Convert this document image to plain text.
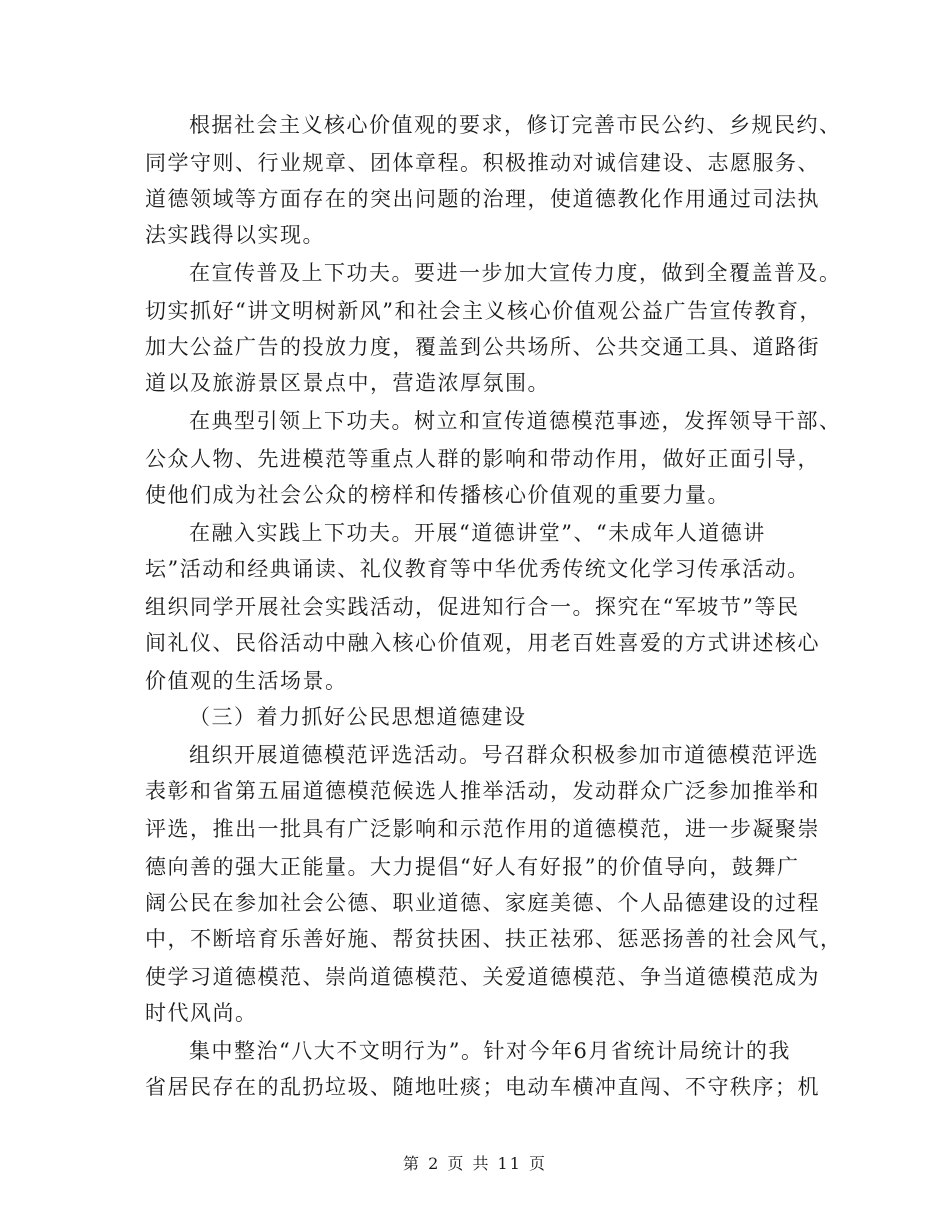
根据社会主义核心价值观的要求，修订完善市民公约、乡规民约、
同学守则、行业规章、团体章程。积极推动对诚信建设、志愿服务、
道德领域等方面存在的突出问题的治理，使道德教化作用通过司法执
法实践得以实现。
在宣传普及上下功夫。要进一步加大宣传力度，做到全覆盖普及。
切实抓好“讲文明树新风”和社会主义核心价值观公益广告宣传教育，
加大公益广告的投放力度，覆盖到公共场所、公共交通工具、道路街
道以及旅游景区景点中，营造浓厚氛围。
在典型引领上下功夫。树立和宣传道德模范事迹，发挥领导干部、
公众人物、先进模范等重点人群的影响和带动作用，做好正面引导，
使他们成为社会公众的榜样和传播核心价值观的重要力量。
在融入实践上下功夫。开展“道德讲堂”、“未成年人道德讲
坛”活动和经典诵读、礼仪教育等中华优秀传统文化学习传承活动。
组织同学开展社会实践活动，促进知行合一。探究在“军坡节”等民
间礼仪、民俗活动中融入核心价值观，用老百姓喜爱的方式讲述核心
价值观的生活场景。
（三）着力抓好公民思想道德建设
组织开展道德模范评选活动。号召群众积极参加市道德模范评选
表彰和省第五届道德模范候选人推举活动，发动群众广泛参加推举和
评选，推出一批具有广泛影响和示范作用的道德模范，进一步凝聚崇
德向善的强大正能量。大力提倡“好人有好报”的价值导向，鼓舞广
阔公民在参加社会公德、职业道德、家庭美德、个人品德建设的过程
中，不断培育乐善好施、帮贫扶困、扶正祛邪、惩恶扬善的社会风气，
使学习道德模范、崇尚道德模范、关爱道德模范、争当道德模范成为
时代风尚。
集中整治“八大不文明行为”。针对今年6月省统计局统计的我
省居民存在的乱扔垃圾、随地吐痰；电动车横冲直闯、不守秩序；机
第 2 页 共 11 页
